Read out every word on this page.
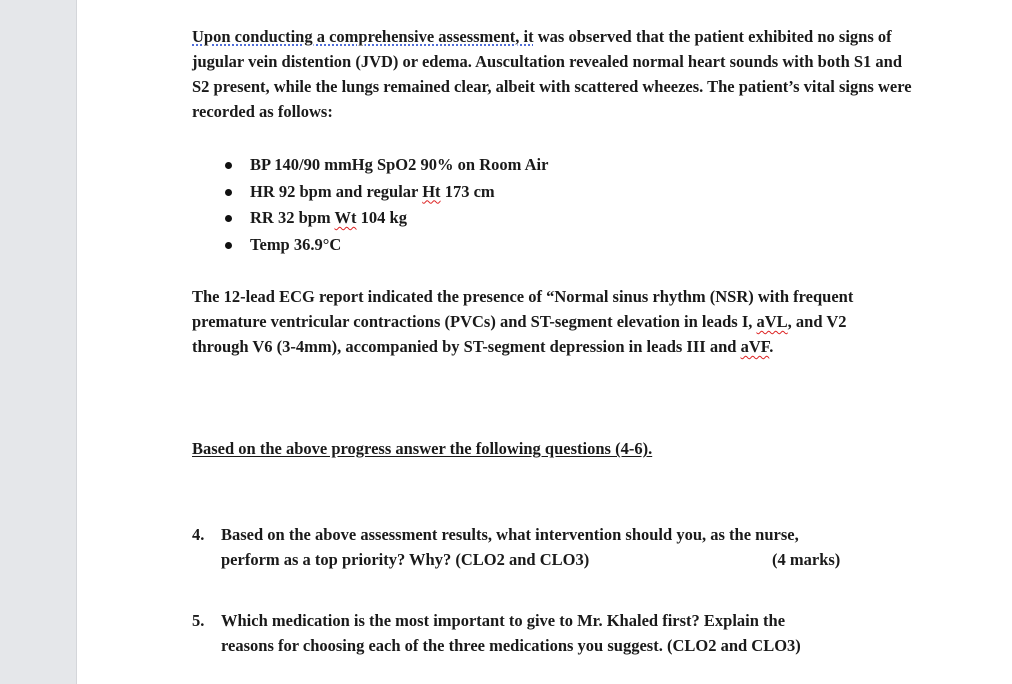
Upon conducting a comprehensive assessment, it was observed that the patient exhibited no signs of jugular vein distention (JVD) or edema. Auscultation revealed normal heart sounds with both S1 and S2 present, while the lungs remained clear, albeit with scattered wheezes. The patient’s vital signs were recorded as follows:

BP 140/90 mmHg SpO2 90% on Room Air
HR 92 bpm and regular Ht 173 cm
RR 32 bpm Wt 104 kg
Temp 36.9°C

The 12-lead ECG report indicated the presence of “Normal sinus rhythm (NSR) with frequent premature ventricular contractions (PVCs) and ST-segment elevation in leads I, aVL, and V2 through V6 (3-4mm), accompanied by ST-segment depression in leads III and aVF.

Based on the above progress answer the following questions (4-6).

4. Based on the above assessment results, what intervention should you, as the nurse,
perform as a top priority? Why? (CLO2 and CLO3)	(4 marks)
5. Which medication is the most important to give to Mr. Khaled first? Explain the
reasons for choosing each of the three medications you suggest. (CLO2 and CLO3)
